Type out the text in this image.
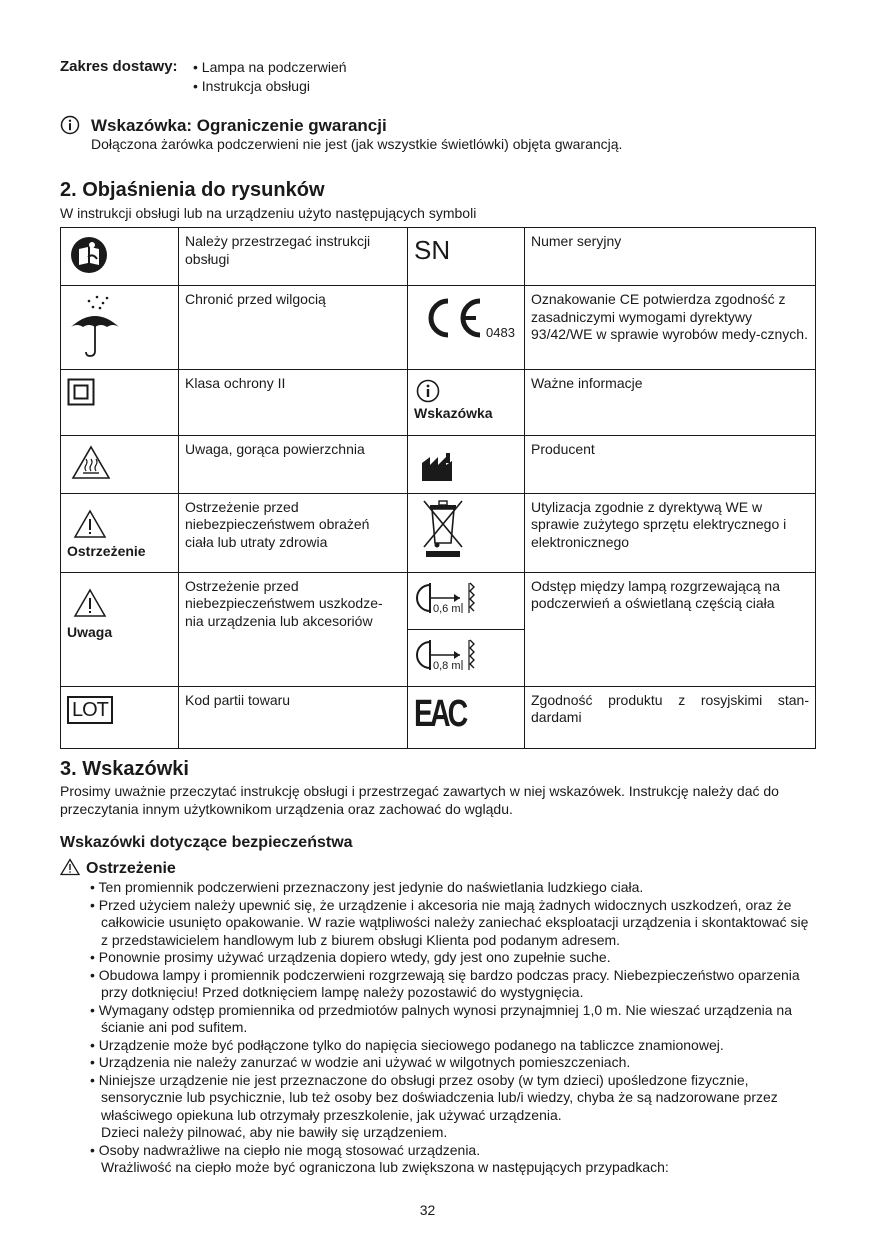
Zakres dostawy:	• Lampa na podczerwień
• Instrukcja obsługi
Wskazówka: Ograniczenie gwarancji
Dołączona żarówka podczerwieni nie jest (jak wszystkie świetlówki) objęta gwarancją.
2. Objaśnienia do rysunków
W instrukcji obsługi lub na urządzeniu użyto następujących symboli
	Należy przestrzegać instrukcji obsługi	SN	Numer seryjny
	Chronić przed wilgocią	0483	Oznakowanie CE potwierdza zgodność z zasadniczymi wymogami dyrektywy 93/42/WE w sprawie wyrobów medy-cznych.
	Klasa ochrony II	Wskazówka	Ważne informacje
	Uwaga, gorąca powierzchnia		Producent

Ostrzeżenie	Ostrzeżenie przed niebezpieczeństwem obrażeń ciała lub utraty zdrowia		Utylizacja zgodnie z dyrektywą WE w sprawie zużytego sprzętu elektrycznego i elektronicznego

Uwaga	Ostrzeżenie przed niebezpieczeństwem uszkodze-nia urządzenia lub akcesoriów	0,6 m	Odstęp między lampą rozgrzewającą na podczerwień a oświetlaną częścią ciała

0,8 m	

LOT	Kod partii towaru	EAC	Zgodność produktu z rosyjskimi stan-dardami
3. Wskazówki
Prosimy uważnie przeczytać instrukcję obsługi i przestrzegać zawartych w niej wskazówek. Instrukcję należy dać do przeczytania innym użytkownikom urządzenia oraz zachować do wglądu.
Wskazówki dotyczące bezpieczeństwa
Ostrzeżenie
• Ten promiennik podczerwieni przeznaczony jest jedynie do naświetlania ludzkiego ciała.
• Przed użyciem należy upewnić się, że urządzenie i akcesoria nie mają żadnych widocznych uszkodzeń, oraz że całkowicie usunięto opakowanie. W razie wątpliwości należy zaniechać eksploatacji urządzenia i skontaktować się z przedstawicielem handlowym lub z biurem obsługi Klienta pod podanym adresem.
• Ponownie prosimy używać urządzenia dopiero wtedy, gdy jest ono zupełnie suche.
• Obudowa lampy i promiennik podczerwieni rozgrzewają się bardzo podczas pracy. Niebezpieczeństwo oparzenia przy dotknięciu! Przed dotknięciem lampę należy pozostawić do wystygnięcia.
• Wymagany odstęp promiennika od przedmiotów palnych wynosi przynajmniej 1,0 m. Nie wieszać urządzenia na ścianie ani pod sufitem.
• Urządzenie może być podłączone tylko do napięcia sieciowego podanego na tabliczce znamionowej.
• Urządzenia nie należy zanurzać w wodzie ani używać w wilgotnych pomieszczeniach.
• Niniejsze urządzenie nie jest przeznaczone do obsługi przez osoby (w tym dzieci) upośledzone fizycznie, sensorycznie lub psychicznie, lub też osoby bez doświadczenia lub/i wiedzy, chyba że są nadzorowane przez właściwego opiekuna lub otrzymały przeszkolenie, jak używać urządzenia.
Dzieci należy pilnować, aby nie bawiły się urządzeniem.
• Osoby nadwrażliwe na ciepło nie mogą stosować urządzenia.
Wrażliwość na ciepło może być ograniczona lub zwiększona w następujących przypadkach:
32
